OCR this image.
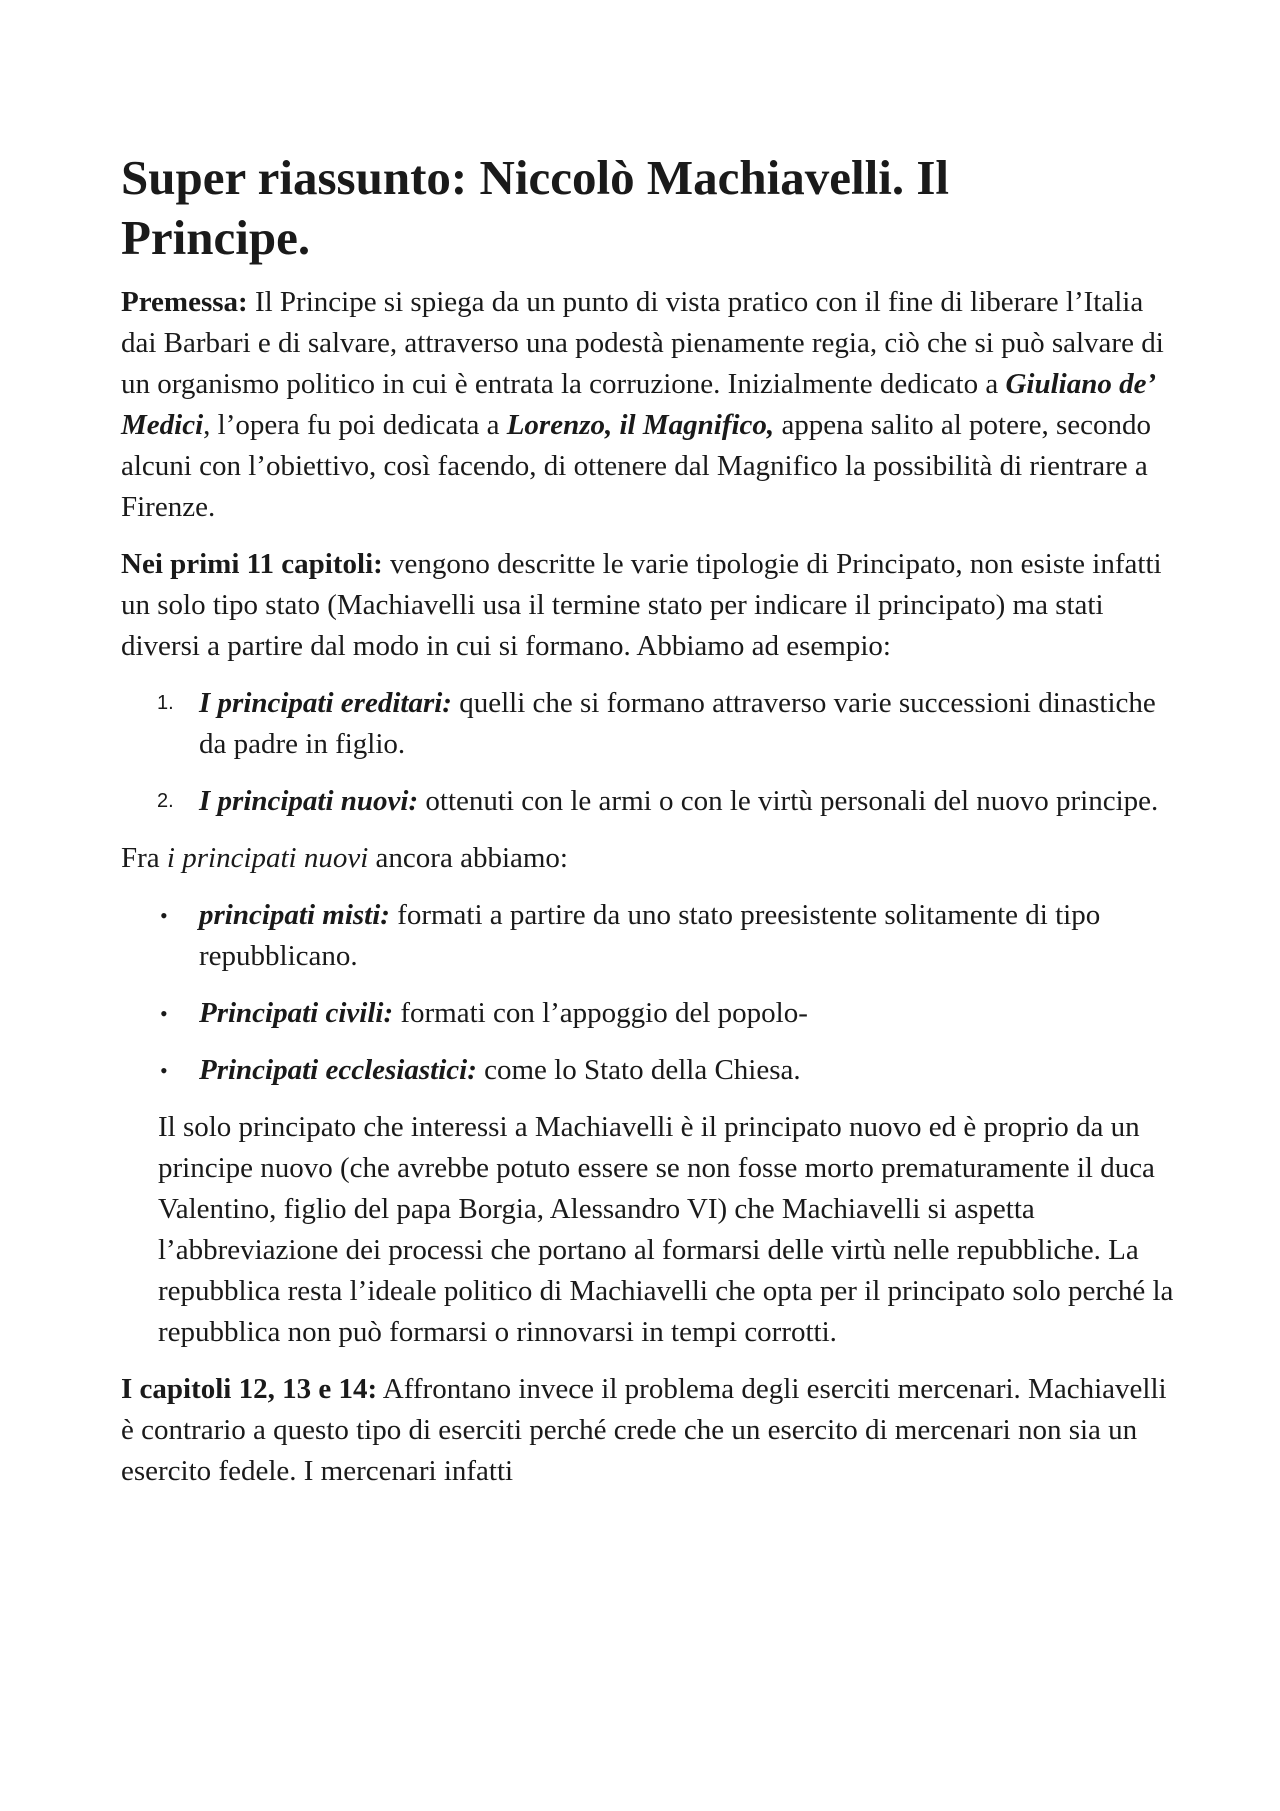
Super riassunto: Niccolò Machiavelli. Il Principe.

Premessa: Il Principe si spiega da un punto di vista pratico con il fine di liberare l’Italia dai Barbari e di salvare, attraverso una podestà pienamente regia, ciò che si può salvare di un organismo politico in cui è entrata la corruzione. Inizialmente dedicato a Giuliano de’ Medici, l’opera fu poi dedicata a Lorenzo, il Magnifico, appena salito al potere, secondo alcuni con l’obiettivo, così facendo, di ottenere dal Magnifico la possibilità di rientrare a Firenze.

Nei primi 11 capitoli: vengono descritte le varie tipologie di Principato, non esiste infatti un solo tipo stato (Machiavelli usa il termine stato per indicare il principato) ma stati diversi a partire dal modo in cui si formano. Abbiamo ad esempio:

1. I principati ereditari: quelli che si formano attraverso varie successioni dinastiche da padre in figlio.
2. I principati nuovi: ottenuti con le armi o con le virtù personali del nuovo principe.

Fra i principati nuovi ancora abbiamo:

• principati misti: formati a partire da uno stato preesistente solitamente di tipo repubblicano.
• Principati civili: formati con l’appoggio del popolo-
• Principati ecclesiastici: come lo Stato della Chiesa.

Il solo principato che interessi a Machiavelli è il principato nuovo ed è proprio da un principe nuovo (che avrebbe potuto essere se non fosse morto prematuramente il duca Valentino, figlio del papa Borgia, Alessandro VI) che Machiavelli si aspetta l’abbreviazione dei processi che portano al formarsi delle virtù nelle repubbliche. La repubblica resta l’ideale politico di Machiavelli che opta per il principato solo perché la repubblica non può formarsi o rinnovarsi in tempi corrotti.

I capitoli 12, 13 e 14: Affrontano invece il problema degli eserciti mercenari. Machiavelli è contrario a questo tipo di eserciti perché crede che un esercito di mercenari non sia un esercito fedele. I mercenari infatti
